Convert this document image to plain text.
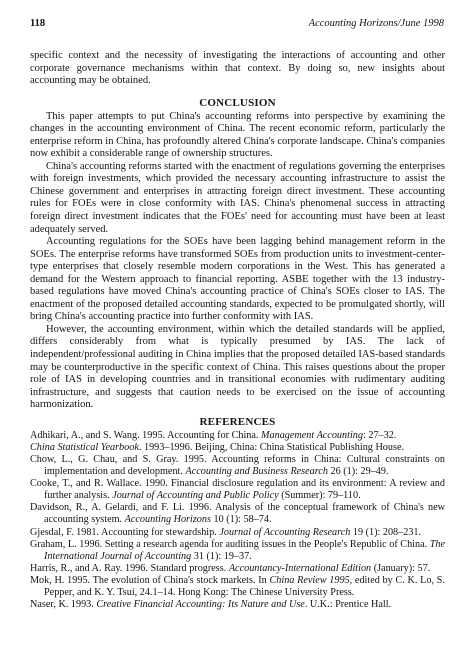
118	Accounting Horizons/June 1998

specific context and the necessity of investigating the interactions of accounting and other corporate governance mechanisms within that context. By doing so, new insights about accounting may be obtained.

CONCLUSION

This paper attempts to put China's accounting reforms into perspective by examining the changes in the accounting environment of China. The recent economic reform, particularly the enterprise reform in China, has profoundly altered China's corporate landscape. China's companies now exhibit a considerable range of ownership structures.

China's accounting reforms started with the enactment of regulations governing the enterprises with foreign investments, which provided the necessary accounting infrastructure to assist the Chinese government and enterprises in attracting foreign direct investment. These accounting rules for FOEs were in close conformity with IAS. China's phenomenal success in attracting foreign direct investment indicates that the FOEs' need for accounting must have been at least adequately served.

Accounting regulations for the SOEs have been lagging behind management reform in the SOEs. The enterprise reforms have transformed SOEs from production units to investment-center-type enterprises that closely resemble modern corporations in the West. This has generated a demand for the Western approach to financial reporting. ASBE together with the 13 industry-based regulations have moved China's accounting practice of China's SOEs closer to IAS. The enactment of the proposed detailed accounting standards, expected to be promulgated shortly, will bring China's accounting practice into further conformity with IAS.

However, the accounting environment, within which the detailed standards will be applied, differs considerably from what is typically presumed by IAS. The lack of independent/professional auditing in China implies that the proposed detailed IAS-based standards may be counterproductive in the specific context of China. This raises questions about the proper role of IAS in developing countries and in transitional economies with rudimentary auditing infrastructure, and suggests that caution needs to be exercised on the issue of accounting harmonization.

REFERENCES
Adhikari, A., and S. Wang. 1995. Accounting for China. Management Accounting: 27–32.
China Statistical Yearbook. 1993–1996. Beijing, China: China Statistical Publishing House.
Chow, L., G. Chau, and S. Gray. 1995. Accounting reforms in China: Cultural constraints on implementation and development. Accounting and Business Research 26 (1): 29–49.
Cooke, T., and R. Wallace. 1990. Financial disclosure regulation and its environment: A review and further analysis. Journal of Accounting and Public Policy (Summer): 79–110.
Davidson, R., A. Gelardi, and F. Li. 1996. Analysis of the conceptual framework of China's new accounting system. Accounting Horizons 10 (1): 58–74.
Gjesdal, F. 1981. Accounting for stewardship. Journal of Accounting Research 19 (1): 208–231.
Graham, L. 1996. Setting a research agenda for auditing issues in the People's Republic of China. The International Journal of Accounting 31 (1): 19–37.
Harris, R., and A. Ray. 1996. Standard progress. Accountancy-International Edition (January): 57.
Mok, H. 1995. The evolution of China's stock markets. In China Review 1995, edited by C. K. Lo, S. Pepper, and K. Y. Tsui, 24.1–14. Hong Kong: The Chinese University Press.
Naser, K. 1993. Creative Financial Accounting: Its Nature and Use. U.K.: Prentice Hall.
